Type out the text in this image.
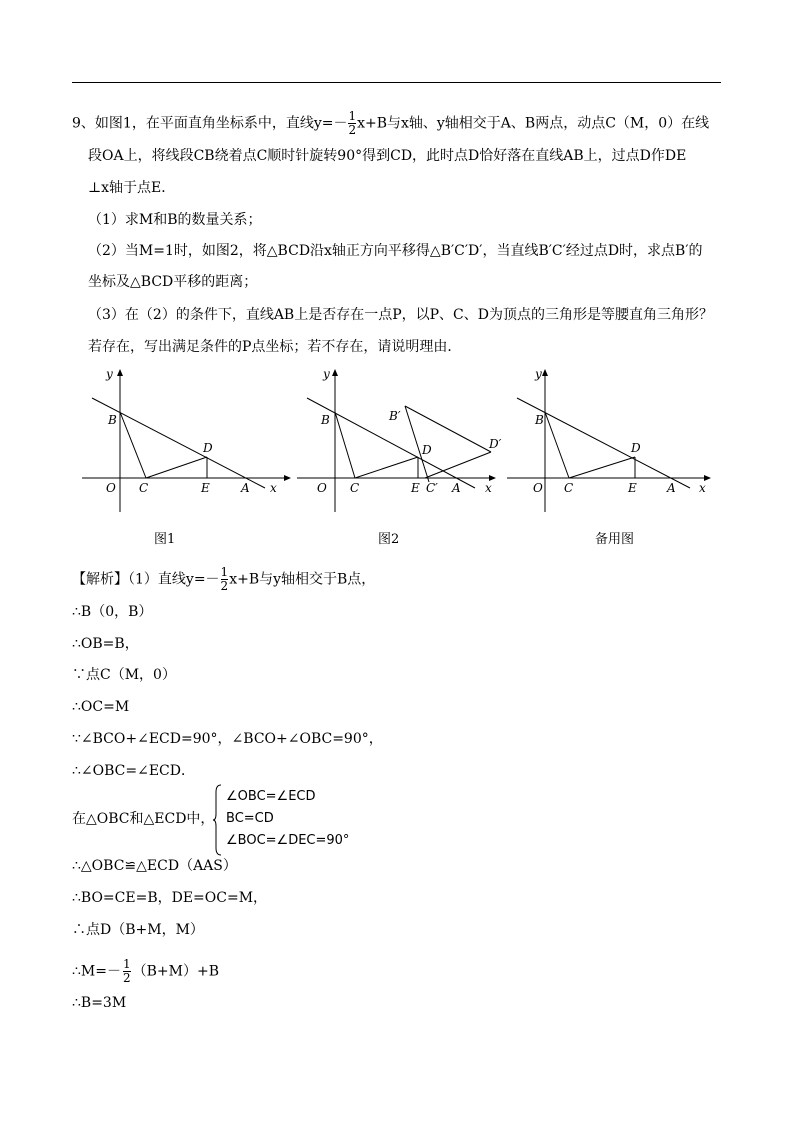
9、如图1，在平面直角坐标系中，直线$y=- \frac{1}{2} x+B$与x轴、y轴相交于A、B两点，动点C（M，0）在线
段OA上，将线段CB绕着点C顺时针旋转90°得到CD，此时点D恰好落在直线AB上，过点D作DE
⊥x轴于点E．
（1）求M和B的数量关系；
（2）当M=1时，如图2，将△BCD沿x轴正方向平移得△B′C′D′，当直线B′C′经过点D时，求点B′的
坐标及△BCD平移的距离；
（3）在（2）的条件下，直线AB上是否存在一点P，以P、C、D为顶点的三角形是等腰直角三角形？
若存在，写出满足条件的P点坐标；若不存在，请说明理由．
y
x
O
B
C
D
E	A
图1
y
x
O
B
C
D
E C′ A
B′
D′
图2
y
x
O
B
C
D
E	A
备用图
【解析】（1）直线$y=- \frac{1}{2} x+B$与y轴相交于B点，
∴B（0，B）
∴OB=B，
∵点C（M，0）
∴OC=M
∵∠BCO+∠ECD=90°，∠BCO+∠OBC=90°，
∴∠OBC=∠ECD．
在△OBC和△ECD中，
∠OBC=∠ECD
BC=CD
∠BOC=∠DEC=90°
∴△OBC≌△ECD（AAS）
∴BO=CE=B，DE=OC=M，
∴点D（B+M，M）
∴M=－ $\frac{1}{2} (B+M)+B$
∴B=3M
